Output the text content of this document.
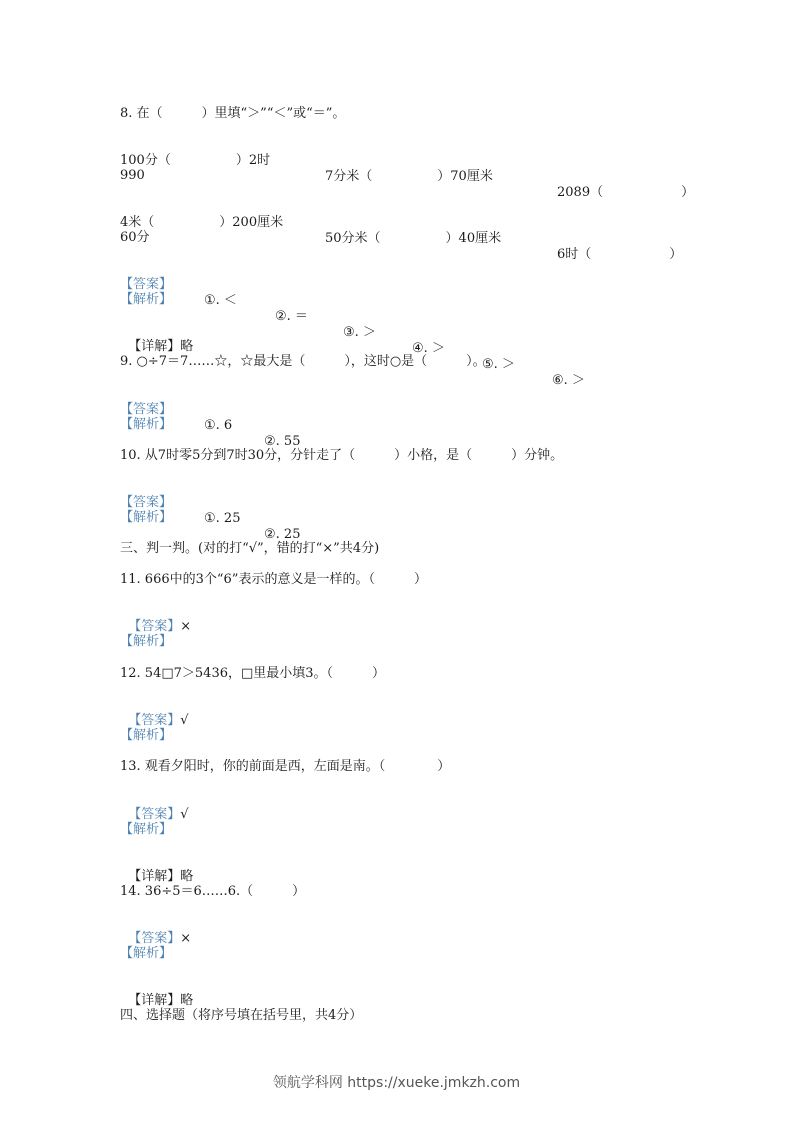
8. 在（　　　）里填“＞”“＜”或“＝”。

100分（　　　　　）2时

7分米（　　　　　）70厘米

2089（　　　　　　）

990

4米（　　　　　）200厘米

50分米（　　　　　）40厘米

6时（　　　　　　）

60分

【答案】

①. ＜

②. ＝

③. ＞

④. ＞

⑤. ＞

⑥. ＞

【解析】

【详解】略

9. ○÷7＝7……☆，☆最大是（　　　），这时○是（　　　）。

【答案】

①. 6

②. 55

【解析】
10. 从7时零5分到7时30分，分针走了（　　　）小格，是（　　　）分钟。

【答案】

①. 25

②. 25

【解析】
三、判一判。(对的打“√”，错的打“×”共4分)
11. 666中的3个“6”表示的意义是一样的。（　　　）

【答案】×

【解析】
12. 54□7＞5436，□里最小填3。（　　　）

【答案】√

【解析】
13. 观看夕阳时，你的前面是西，左面是南。（　　　　）

【答案】√

【解析】

【详解】略

14. 36÷5＝6……6.（　　　）

【答案】×

【解析】

【详解】略

四、选择题（将序号填在括号里，共4分）
领航学科网 https://xueke.jmkzh.com
